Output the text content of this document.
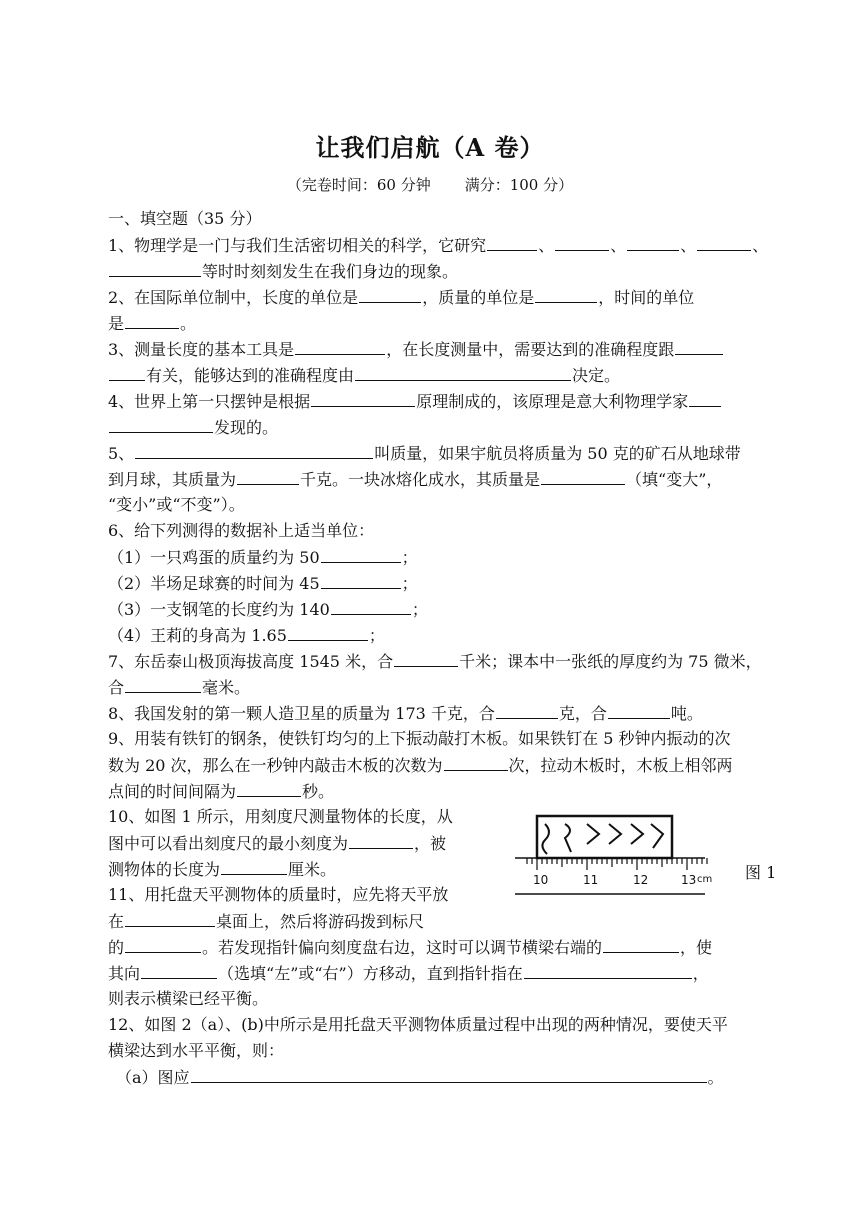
让我们启航（A 卷）
（完卷时间：60 分钟 满分：100 分）
一、填空题（35 分）
1、物理学是一门与我们生活密切相关的科学，它研究	、	、	、	、
等时时刻刻发生在我们身边的现象。
2、在国际单位制中，长度的单位是	，质量的单位是	，时间的单位
是	。
3、测量长度的基本工具是	，在长度测量中，需要达到的准确程度跟
有关，能够达到的准确程度由	决定。
4、世界上第一只摆钟是根据	原理制成的，该原理是意大利物理学家
发现的。
5、	叫质量，如果宇航员将质量为 50 克的矿石从地球带
到月球，其质量为	千克。一块冰熔化成水，其质量是	（填“变大”，
“变小”或“不变”）。
6、给下列测得的数据补上适当单位：
（1）一只鸡蛋的质量约为 50	；
（2）半场足球赛的时间为 45	；
（3）一支钢笔的长度约为 140	；
（4）王莉的身高为 1.65	；
7、东岳泰山极顶海拔高度 1545 米，合	千米；课本中一张纸的厚度约为 75 微米，
合	毫米。
8、我国发射的第一颗人造卫星的质量为 173 千克，合	克，合	吨。
9、用装有铁钉的钢条，使铁钉均匀的上下振动敲打木板。如果铁钉在 5 秒钟内振动的次
数为 20 次，那么在一秒钟内敲击木板的次数为	次，拉动木板时，木板上相邻两
点间的时间间隔为	秒。
10、如图 1 所示，用刻度尺测量物体的长度，从
图中可以看出刻度尺的最小刻度为	，被
测物体的长度为	厘米。
11、用托盘天平测物体的质量时，应先将天平放
在	桌面上，然后将游码拨到标尺
的	。若发现指针偏向刻度盘右边，这时可以调节横梁右端的	，使
其向	（选填“左”或“右”）方移动，直到指针指在	，
则表示横梁已经平衡。
12、如图 2（a）、(b)中所示是用托盘天平测物体质量过程中出现的两种情况，要使天平
横梁达到水平平衡，则：
（a）图应	。
10	11	12	13 cm 图 1
